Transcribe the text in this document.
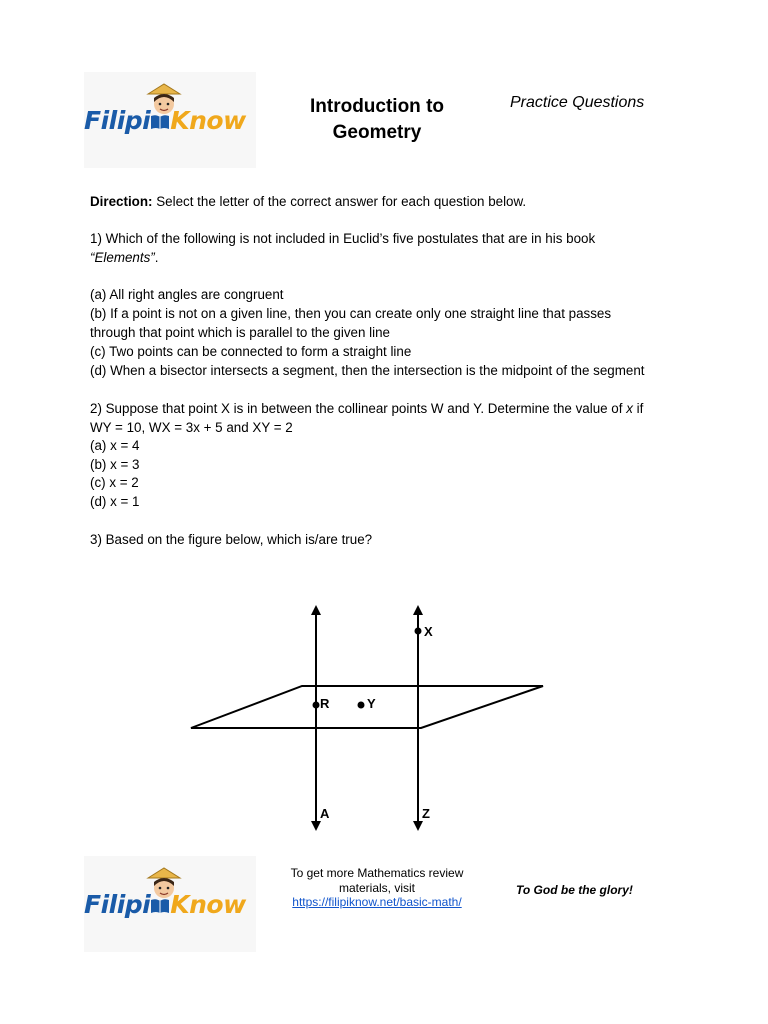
Filipi Know	Introduction to
Geometry
Practice Questions
Direction: Select the letter of the correct answer for each question below.
1) Which of the following is not included in Euclid’s five postulates that are in his book
“Elements”.
(a) All right angles are congruent
(b) If a point is not on a given line, then you can create only one straight line that passes
through that point which is parallel to the given line
(c) Two points can be connected to form a straight line
(d) When a bisector intersects a segment, then the intersection is the midpoint of the segment
2) Suppose that point X is in between the collinear points W and Y. Determine the value of x if
WY = 10, WX = 3x + 5 and XY = 2
(a) x = 4
(b) x = 3
(c) x = 2
(d) x = 1
3) Based on the figure below, which is/are true?
X
R	Y
A	Z
Filipi Know
To get more Mathematics review
materials, visit
https://filipiknow.net/basic-math/
To God be the glory!
